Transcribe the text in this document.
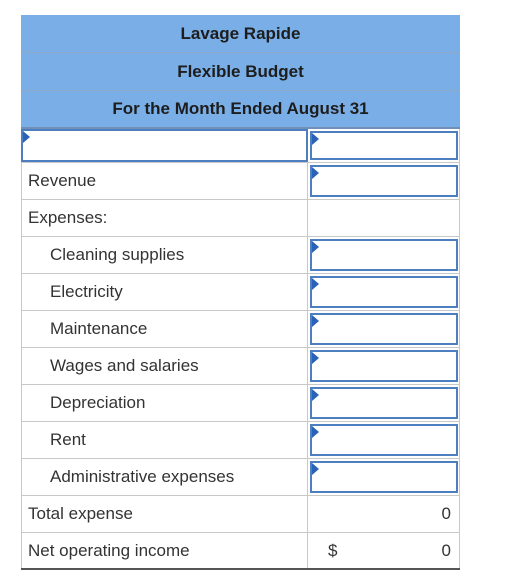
Lavage Rapide
Flexible Budget
For the Month Ended August 31
Revenue
Expenses:
Cleaning supplies
Electricity
Maintenance
Wages and salaries
Depreciation
Rent
Administrative expenses
Total expense	0
Net operating income	$	0
